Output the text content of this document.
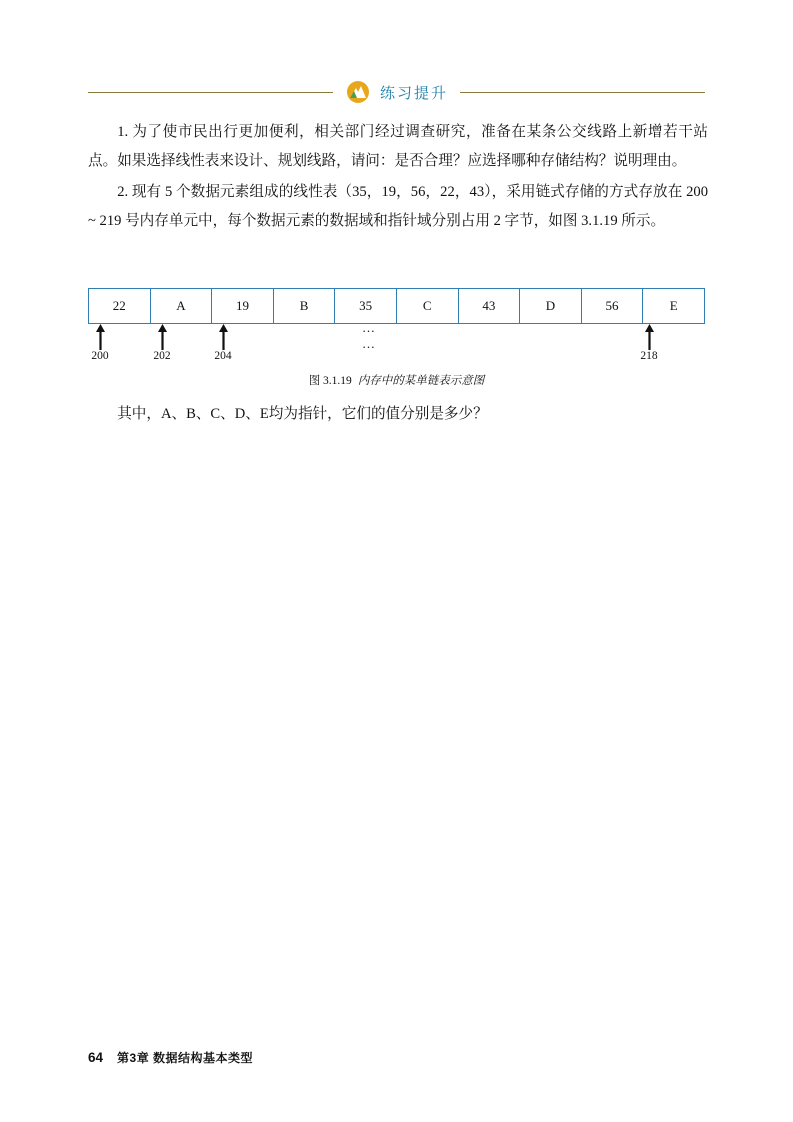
练习提升

1. 为了使市民出行更加便利，相关部门经过调查研究，准备在某条公交线路上新增若干站点。如果选择线性表来设计、规划线路，请问：是否合理？应选择哪种存储结构？说明理由。

2. 现有 5 个数据元素组成的线性表（35，19，56，22，43），采用链式存储的方式存放在 200 ~ 219 号内存单元中，每个数据元素的数据域和指针域分别占用 2 字节，如图 3.1.19 所示。

22	A	19	B	35	C	43	D	56	E
200	202	204	218
…
…
图 3.1.19 内存中的某单链表示意图

其中，A、B、C、D、E均为指针，它们的值分别是多少？

64 第3章 数据结构基本类型
